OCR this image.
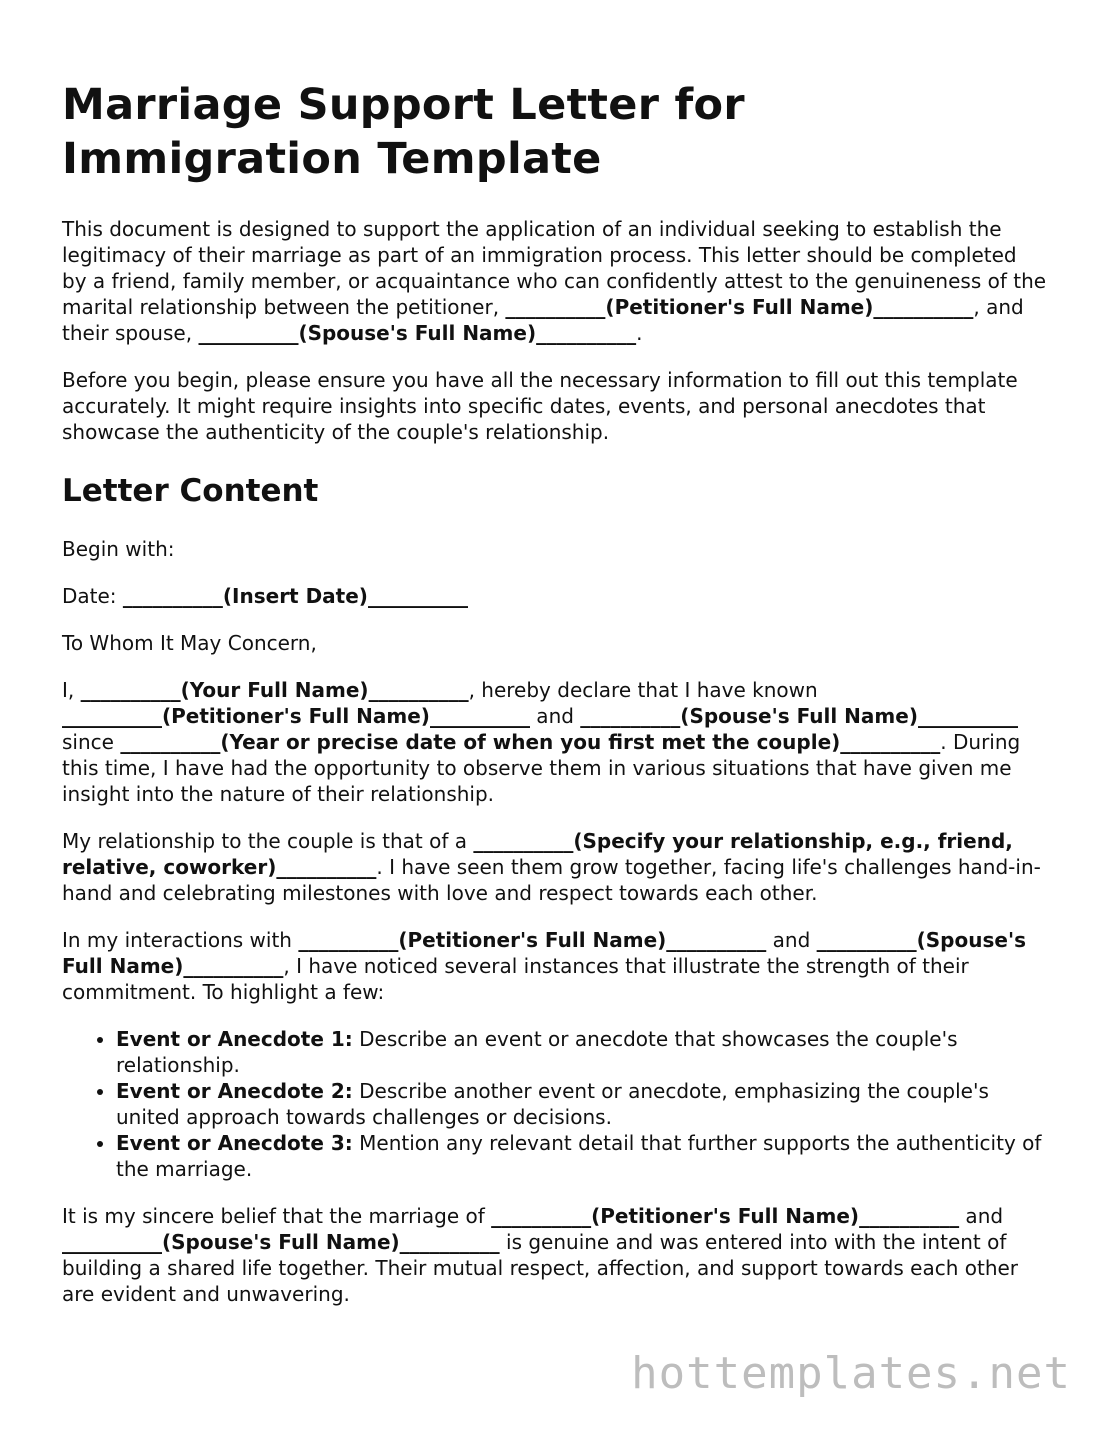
Marriage Support Letter for Immigration Template

This document is designed to support the application of an individual seeking to establish the legitimacy of their marriage as part of an immigration process. This letter should be completed by a friend, family member, or acquaintance who can confidently attest to the genuineness of the marital relationship between the petitioner, __________(Petitioner's Full Name)__________, and their spouse, __________(Spouse's Full Name)__________.

Before you begin, please ensure you have all the necessary information to fill out this template accurately. It might require insights into specific dates, events, and personal anecdotes that showcase the authenticity of the couple's relationship.

Letter Content

Begin with:

Date: __________(Insert Date)__________

To Whom It May Concern,

I, __________(Your Full Name)__________, hereby declare that I have known __________(Petitioner's Full Name)__________ and __________(Spouse's Full Name)__________ since __________(Year or precise date of when you first met the couple)__________. During this time, I have had the opportunity to observe them in various situations that have given me insight into the nature of their relationship.

My relationship to the couple is that of a __________(Specify your relationship, e.g., friend, relative, coworker)__________. I have seen them grow together, facing life's challenges hand-in-hand and celebrating milestones with love and respect towards each other.

In my interactions with __________(Petitioner's Full Name)__________ and __________(Spouse's Full Name)__________, I have noticed several instances that illustrate the strength of their commitment. To highlight a few:

• Event or Anecdote 1: Describe an event or anecdote that showcases the couple's relationship.
• Event or Anecdote 2: Describe another event or anecdote, emphasizing the couple's united approach towards challenges or decisions.
• Event or Anecdote 3: Mention any relevant detail that further supports the authenticity of the marriage.

It is my sincere belief that the marriage of __________(Petitioner's Full Name)__________ and __________(Spouse's Full Name)__________ is genuine and was entered into with the intent of building a shared life together. Their mutual respect, affection, and support towards each other are evident and unwavering.

hottemplates.net
